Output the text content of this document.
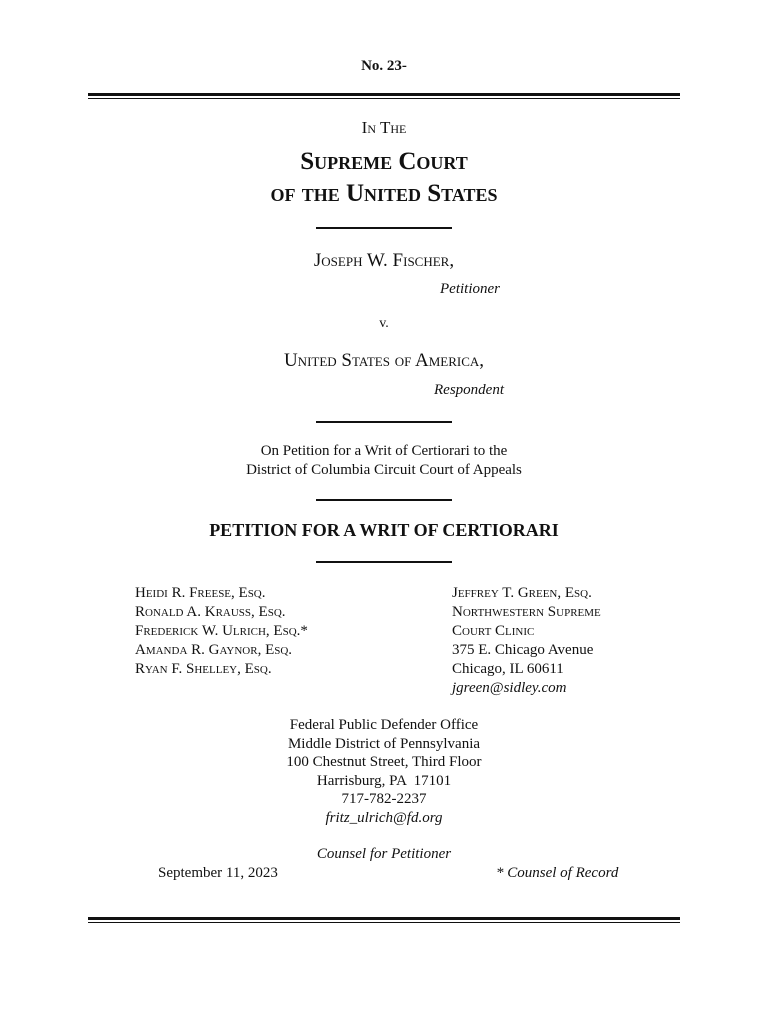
No. 23-
In The
Supreme Court
of the United States
Joseph W. Fischer,
Petitioner
v.
United States of America,
Respondent
On Petition for a Writ of Certiorari to the
District of Columbia Circuit Court of Appeals
PETITION FOR A WRIT OF CERTIORARI
Heidi R. Freese, Esq.
Ronald A. Krauss, Esq.
Frederick W. Ulrich, Esq.*
Amanda R. Gaynor, Esq.
Ryan F. Shelley, Esq.
Jeffrey T. Green, Esq.
Northwestern Supreme
Court Clinic
375 E. Chicago Avenue
Chicago, IL 60611
jgreen@sidley.com
Federal Public Defender Office
Middle District of Pennsylvania
100 Chestnut Street, Third Floor
Harrisburg, PA  17101
717-782-2237
fritz_ulrich@fd.org
Counsel for Petitioner
September 11, 2023	* Counsel of Record
